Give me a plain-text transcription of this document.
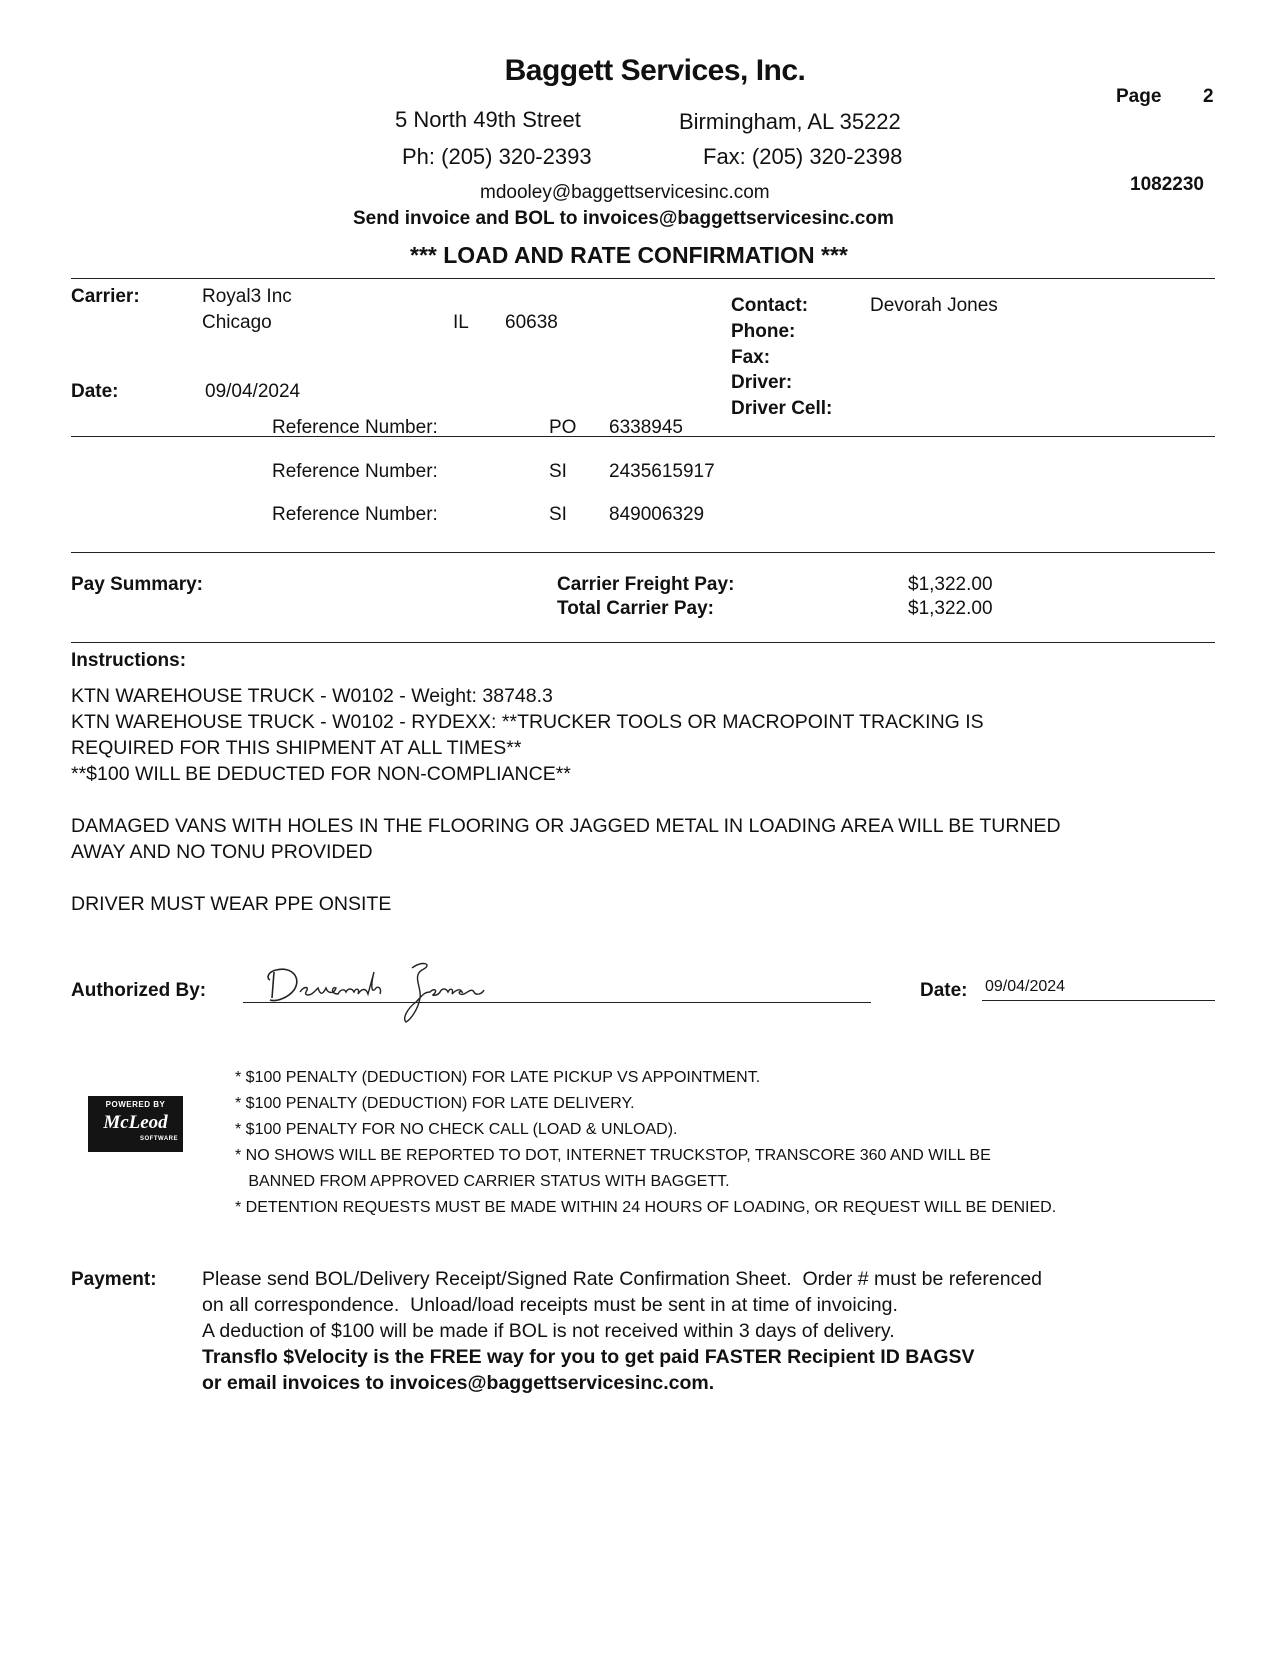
Baggett Services, Inc.
5 North 49th Street	Birmingham, AL 35222
Ph: (205) 320-2393	Fax: (205) 320-2398
mdooley@baggettservicesinc.com
Send invoice and BOL to invoices@baggettservicesinc.com
Page 2
1082230
*** LOAD AND RATE CONFIRMATION ***
Carrier:	Royal3 Inc
Chicago	IL 60638
Date:	09/04/2024
Contact:	Devorah Jones
Phone:
Fax:
Driver:
Driver Cell:
Reference Number:	PO 6338945
Reference Number:	SI 2435615917
Reference Number:	SI 849006329
Pay Summary:	Carrier Freight Pay:	$1,322.00
Total Carrier Pay:	$1,322.00
Instructions:
KTN WAREHOUSE TRUCK - W0102 - Weight: 38748.3
KTN WAREHOUSE TRUCK - W0102 - RYDEXX: **TRUCKER TOOLS OR MACROPOINT TRACKING IS
REQUIRED FOR THIS SHIPMENT AT ALL TIMES**
**$100 WILL BE DEDUCTED FOR NON-COMPLIANCE**
DAMAGED VANS WITH HOLES IN THE FLOORING OR JAGGED METAL IN LOADING AREA WILL BE TURNED
AWAY AND NO TONU PROVIDED
DRIVER MUST WEAR PPE ONSITE
Authorized By:	Date: 09/04/2024
POWERED BY
McLeod
SOFTWARE
* $100 PENALTY (DEDUCTION) FOR LATE PICKUP VS APPOINTMENT.
* $100 PENALTY (DEDUCTION) FOR LATE DELIVERY.
* $100 PENALTY FOR NO CHECK CALL (LOAD & UNLOAD).
* NO SHOWS WILL BE REPORTED TO DOT, INTERNET TRUCKSTOP, TRANSCORE 360 AND WILL BE
BANNED FROM APPROVED CARRIER STATUS WITH BAGGETT.
* DETENTION REQUESTS MUST BE MADE WITHIN 24 HOURS OF LOADING, OR REQUEST WILL BE DENIED.
Payment: Please send BOL/Delivery Receipt/Signed Rate Confirmation Sheet.  Order # must be referenced
on all correspondence.  Unload/load receipts must be sent in at time of invoicing.
A deduction of $100 will be made if BOL is not received within 3 days of delivery.
Transflo $Velocity is the FREE way for you to get paid FASTER Recipient ID BAGSV
or email invoices to invoices@baggettservicesinc.com.
